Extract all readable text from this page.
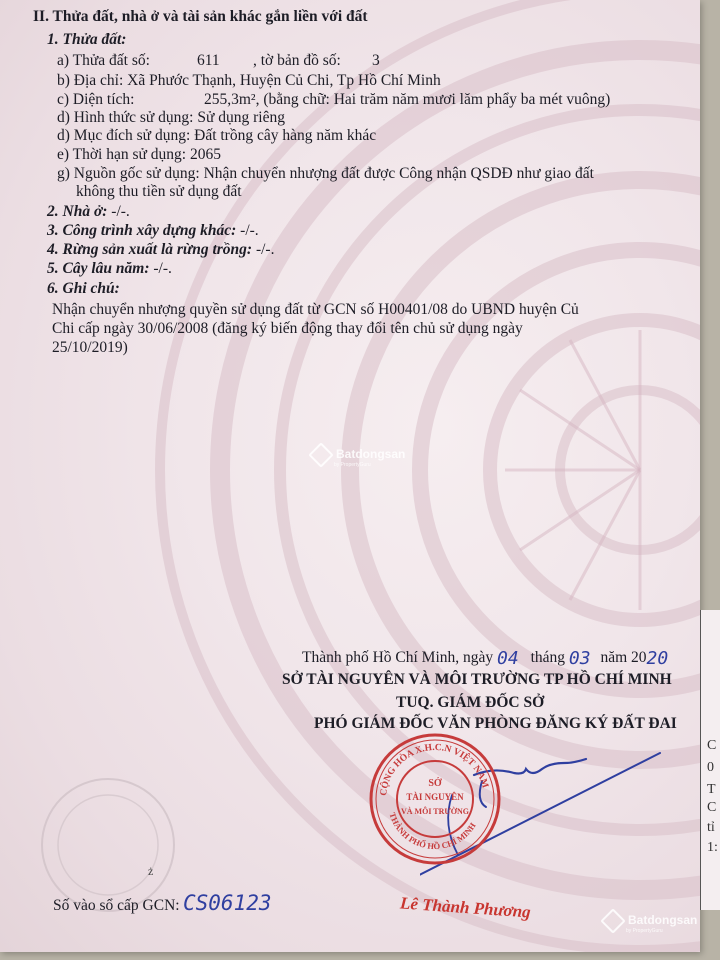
II. Thửa đất, nhà ở và tài sản khác gắn liền với đất
1. Thửa đất:
a) Thửa đất số:	611 , tờ bản đồ số: 3
b) Địa chỉ: Xã Phước Thạnh, Huyện Củ Chi, Tp Hồ Chí Minh
c) Diện tích:	255,3m², (bằng chữ: Hai trăm năm mươi lăm phẩy ba mét vuông)
d) Hình thức sử dụng: Sử dụng riêng
d) Mục đích sử dụng: Đất trồng cây hàng năm khác
e) Thời hạn sử dụng: 2065
g) Nguồn gốc sử dụng: Nhận chuyển nhượng đất được Công nhận QSDĐ như giao đất
không thu tiền sử dụng đất
2. Nhà ở: -/-.
3. Công trình xây dựng khác: -/-.
4. Rừng sản xuất là rừng trồng: -/-.
5. Cây lâu năm: -/-.
6. Ghi chú:
Nhận chuyển nhượng quyền sử dụng đất từ GCN số H00401/08 do UBND huyện Củ
Chi cấp ngày 30/06/2008 (đăng ký biến động thay đổi tên chủ sử dụng ngày
25/10/2019)
Batdongsan
by PropertyGuru
Thành phố Hồ Chí Minh, ngày 04 tháng 03 năm 2020
SỞ TÀI NGUYÊN VÀ MÔI TRƯỜNG TP HỒ CHÍ MINH
TUQ. GIÁM ĐỐC SỞ
PHÓ GIÁM ĐỐC VĂN PHÒNG ĐĂNG KÝ ĐẤT ĐAI
ż
CỘNG HÒA X.H.C.N VIỆT NAM
THÀNH PHỐ HỒ CHÍ MINH
SỞ
TÀI NGUYÊN
VÀ MÔI TRƯỜNG
Lê Thành Phương
Số vào sổ cấp GCN: CS06123
C
0
T
C
tỉ
1:
Batdongsan
by PropertyGuru
